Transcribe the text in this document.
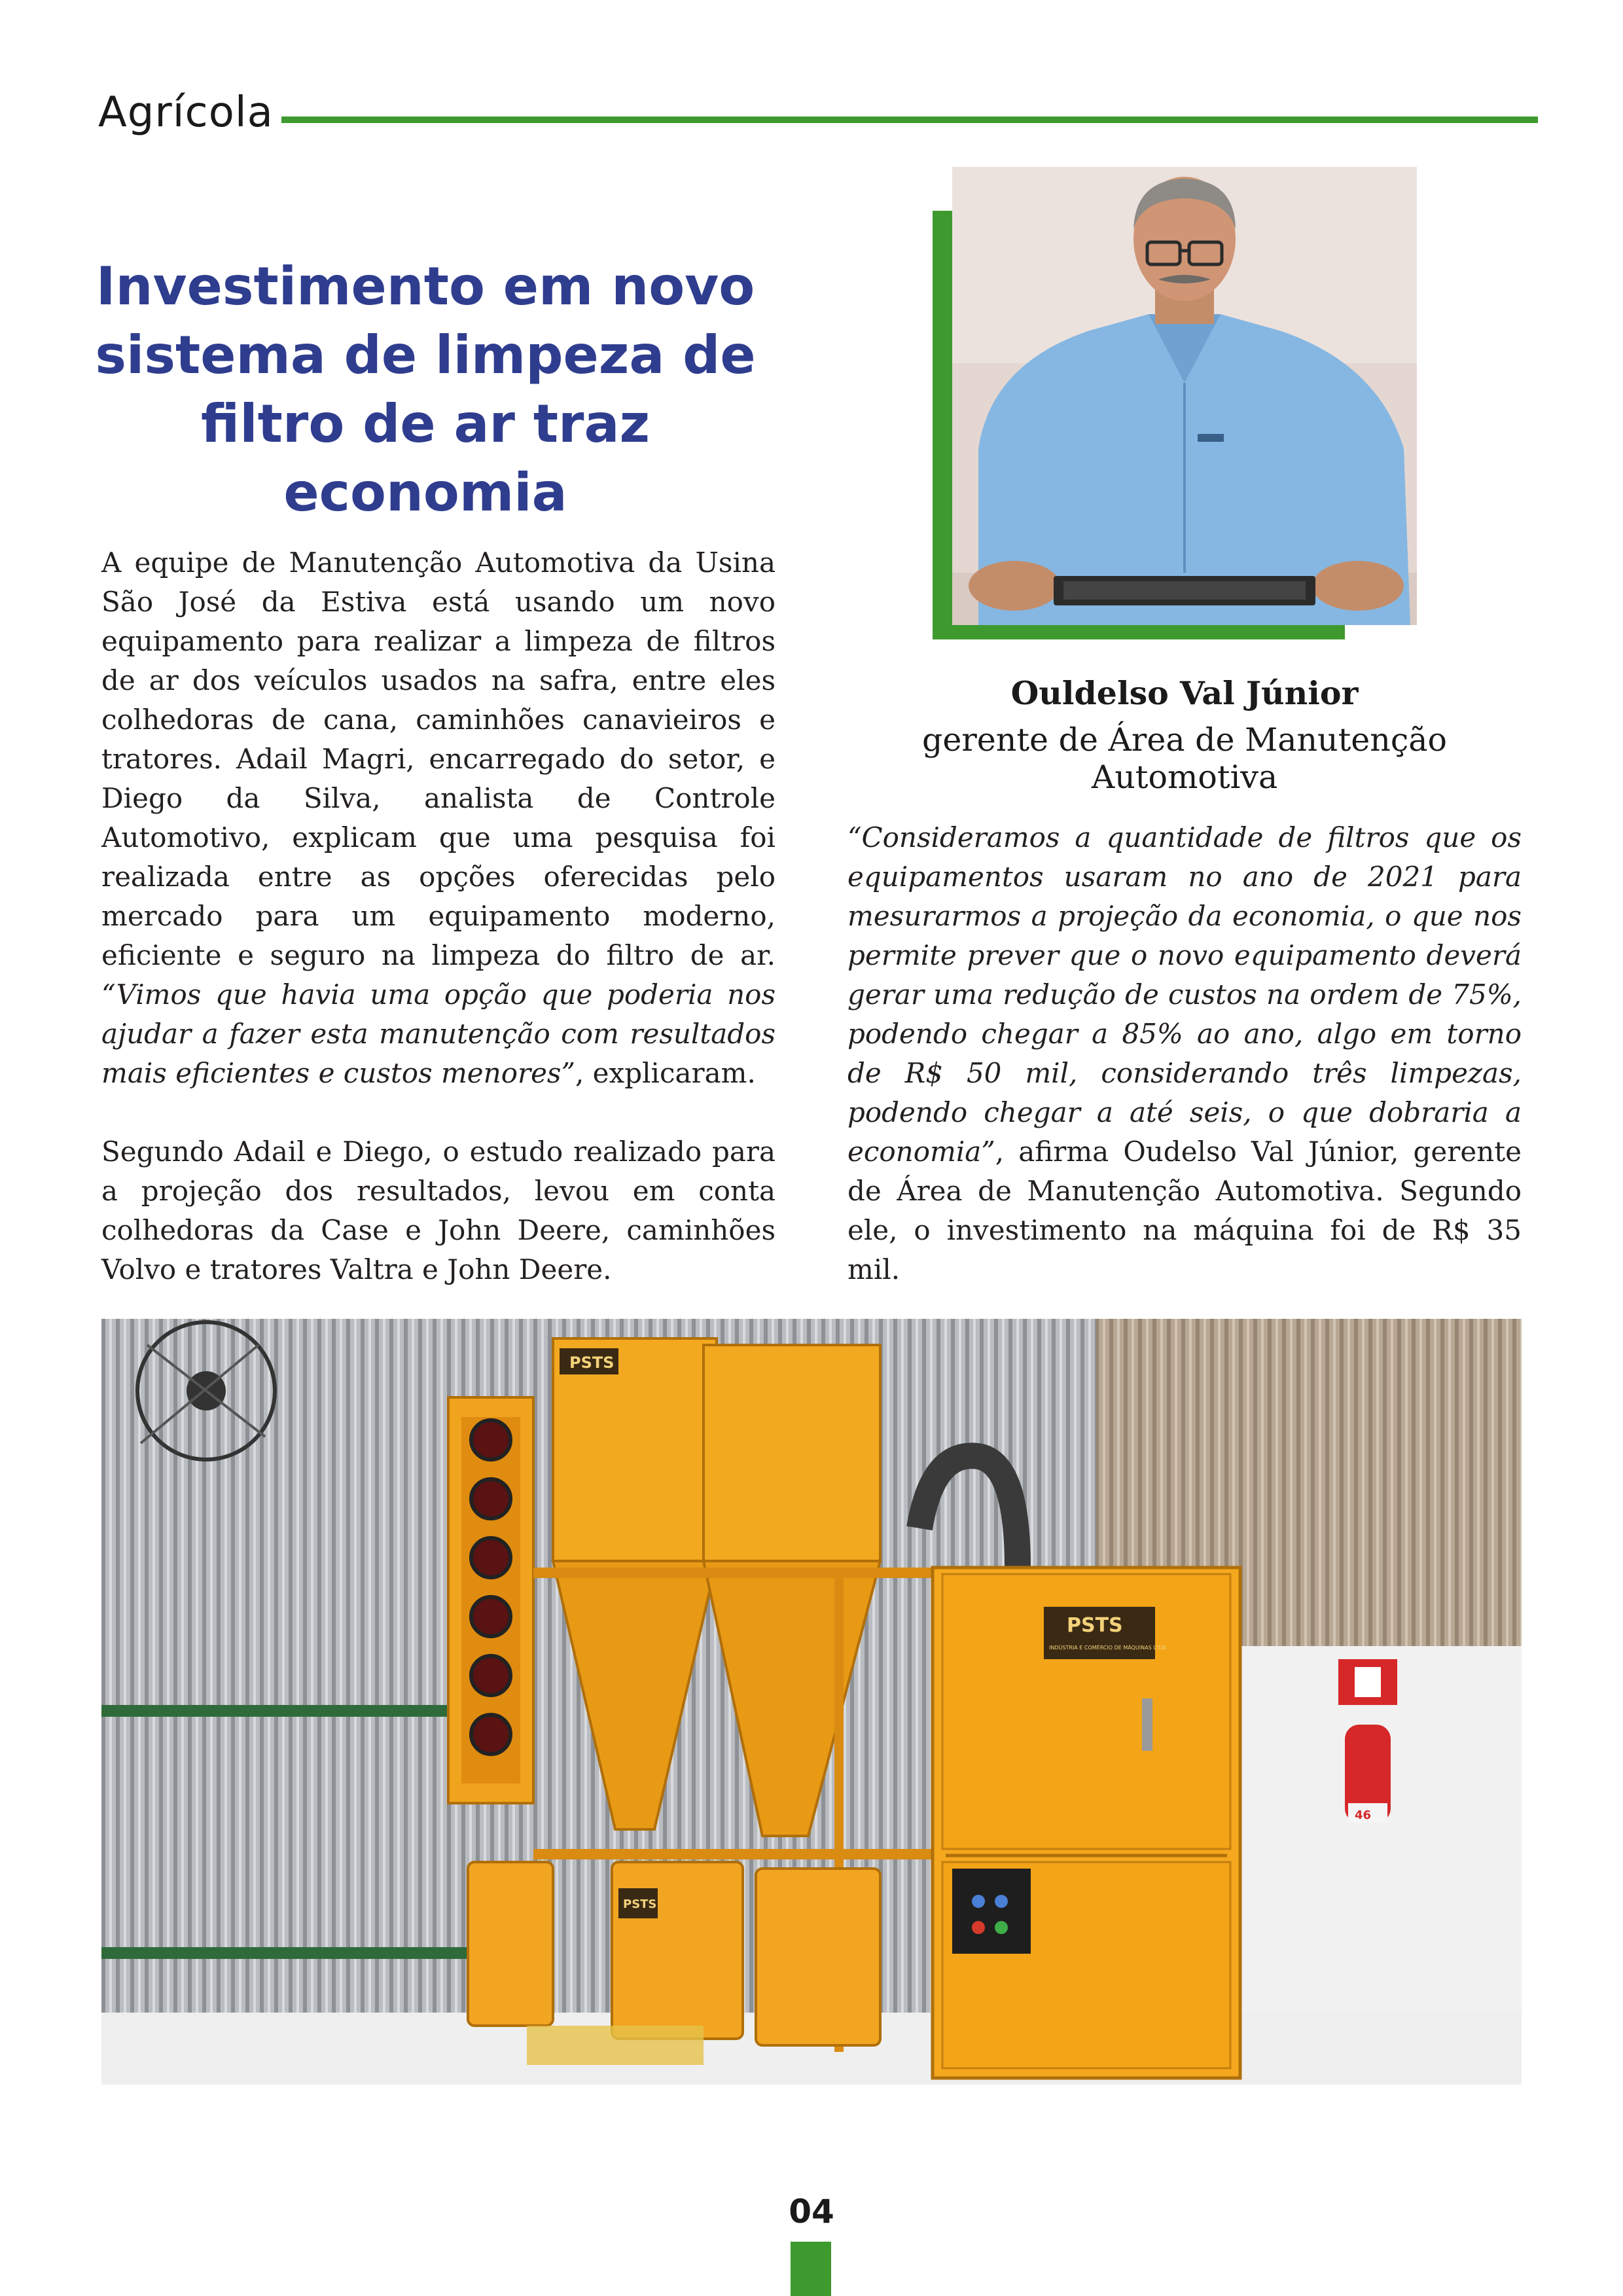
Agrícola
Investimento em novo
sistema de limpeza de
filtro de ar traz economia
Ouldelso Val Júnior
gerente de Área de Manutenção Automotiva

A equipe de Manutenção Automotiva da Usina São José da Estiva está usando um novo equipamento para realizar a limpeza de filtros de ar dos veículos usados na safra, entre eles colhedoras de cana, caminhões canavieiros e tratores. Adail Magri, encarregado do setor, e Diego da Silva, analista de Controle Automotivo, explicam que uma pesquisa foi realizada entre as opções oferecidas pelo mercado para um equipamento moderno, eficiente e seguro na limpeza do filtro de ar. “Vimos que havia uma opção que poderia nos ajudar a fazer esta manutenção com resultados mais eficientes e custos menores”, explicaram.

Segundo Adail e Diego, o estudo realizado para a projeção dos resultados, levou em conta colhedoras da Case e John Deere, caminhões Volvo e tratores Valtra e John Deere.

“Consideramos a quantidade de filtros que os equipamentos usaram no ano de 2021 para mesurarmos a projeção da economia, o que nos permite prever que o novo equipamento deverá gerar uma redução de custos na ordem de 75%, podendo chegar a 85% ao ano, algo em torno de R$ 50 mil, considerando três limpezas, podendo chegar a até seis, o que dobraria a economia”, afirma Oudelso Val Júnior, gerente de Área de Manutenção Automotiva. Segundo ele, o investimento na máquina foi de R$ 35 mil.

PSTS
PSTS
PSTS
INDÚSTRIA E COMÉRCIO DE MÁQUINAS LTDA
46
04
